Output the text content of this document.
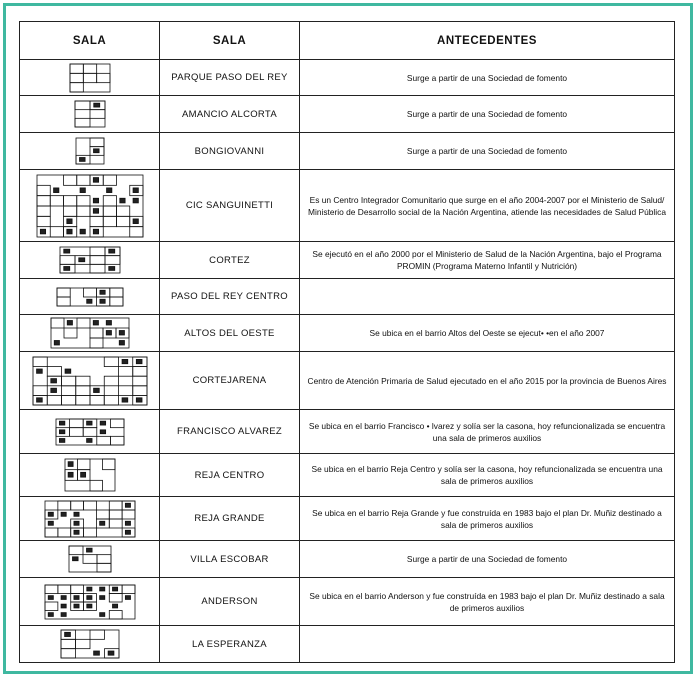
SALA	SALA	ANTECEDENTES

	PARQUE PASO DEL REY	Surge a partir de una Sociedad de fomento

	AMANCIO ALCORTA	Surge a partir de una Sociedad de fomento

	BONGIOVANNI	Surge a partir de una Sociedad de fomento

	CIC SANGUINETTI	Es un Centro Integrador Comunitario que surge en el año 2004-2007 por el Ministerio de Salud/ Ministerio de Desarrollo social de la Nación Argentina, atiende las necesidades de Salud Pública

	CORTEZ	Se ejecutó en el año 2000 por el Ministerio de Salud de la Nación Argentina, bajo el Programa PROMIN (Programa Materno Infantil y Nutrición)

	PASO DEL REY CENTRO	

	ALTOS DEL OESTE	Se ubica en el barrio Altos del Oeste se ejecut• •en el año 2007

	CORTEJARENA	Centro de Atención Primaria de Salud ejecutado en el año 2015 por la provincia de Buenos Aires

	FRANCISCO ALVAREZ	Se ubica en el barrio Francisco • lvarez y solía ser la casona, hoy refuncionalizada se encuentra una sala de primeros auxilios

	REJA CENTRO	Se ubica en el barrio Reja Centro y solía ser la casona, hoy refuncionalizada se encuentra una sala de primeros auxilios

	REJA GRANDE	Se ubica en el barrio Reja Grande y fue construída en 1983 bajo el plan Dr. Muñiz destinado a sala de primeros auxilios

	VILLA ESCOBAR	Surge a partir de una Sociedad de fomento

	ANDERSON	Se ubica en el barrio Anderson y fue construída en 1983 bajo el plan Dr. Muñiz destinado a sala de primeros auxilios

	LA ESPERANZA	
